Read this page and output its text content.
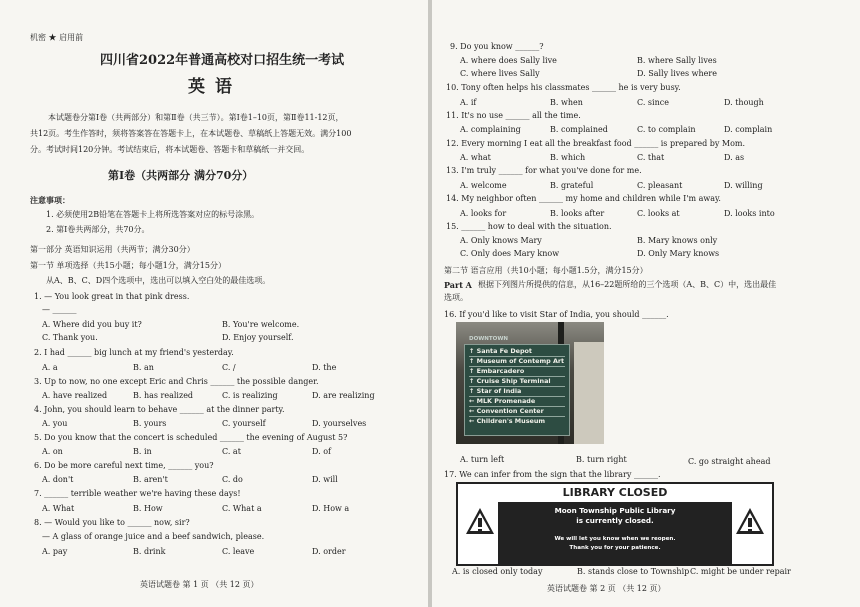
机密 ★ 启用前
四川省2022年普通高校对口招生统一考试
英语
本试题卷分第Ⅰ卷（共两部分）和第Ⅱ卷（共三节）。第Ⅰ卷1–10页，第Ⅱ卷11-12页，
共12页。考生作答时，须将答案答在答题卡上，在本试题卷、草稿纸上答题无效。满分100
分。考试时间120分钟。考试结束后，将本试题卷、答题卡和草稿纸一并交回。
第Ⅰ卷（共两部分 满分70分）
注意事项：
1. 必须使用2B铅笔在答题卡上将所选答案对应的标号涂黑。
2. 第Ⅰ卷共两部分，共70分。
第一部分 英语知识运用（共两节；满分30分）
第一节 单项选择（共15小题；每小题1分，满分15分）
从A、B、C、D四个选项中，选出可以填入空白处的最佳选项。
1. — You look great in that pink dress.
— ______
A. Where did you buy it?	B. You're welcome.
C. Thank you.	D. Enjoy yourself.
2. I had ______ big lunch at my friend's yesterday.
A. a	B. an	C. /	D. the
3. Up to now, no one except Eric and Chris ______ the possible danger.
A. have realized	B. has realized	C. is realizing	D. are realizing
4. John, you should learn to behave ______ at the dinner party.
A. you	B. yours	C. yourself	D. yourselves
5. Do you know that the concert is scheduled ______ the evening of August 5?
A. on	B. in	C. at	D. of
6. Do be more careful next time, ______ you?
A. don't	B. aren't	C. do	D. will
7. ______ terrible weather we're having these days!
A. What	B. How	C. What a	D. How a
8. — Would you like to ______ now, sir?
— A glass of orange juice and a beef sandwich, please.
A. pay	B. drink	C. leave	D. order
英语试题卷 第 1 页 （共 12 页）
9. Do you know ______?
A. where does Sally live	B. where Sally lives
C. where lives Sally	D. Sally lives where
10. Tony often helps his classmates ______ he is very busy.
A. if	B. when	C. since	D. though
11. It's no use ______ all the time.
A. complaining	B. complained	C. to complain	D. complain
12. Every morning I eat all the breakfast food ______ is prepared by Mom.
A. what	B. which	C. that	D. as
13. I'm truly ______ for what you've done for me.
A. welcome	B. grateful	C. pleasant	D. willing
14. My neighbor often ______ my home and children while I'm away.
A. looks for	B. looks after	C. looks at	D. looks into
15. ______ how to deal with the situation.
A. Only knows Mary	B. Mary knows only
C. Only does Mary know	D. Only Mary knows
第二节 语言应用（共10小题；每小题1.5分，满分15分）
Part A 根据下列图片所提供的信息，从16–22题所给的三个选项（A、B、C）中，选出最佳
选项。
16. If you'd like to visit Star of India, you should ______.
DOWNTOWN
↑ Santa Fe Depot
↑ Museum of Contemp Art
↑ Embarcadero
↑ Cruise Ship Terminal
↑ Star of India
← MLK Promenade
← Convention Center
← Children's Museum
A. turn left	B. turn right	C. go straight ahead
17. We can infer from the sign that the library ______.
LIBRARY CLOSED
Moon Township Public Library
is currently closed.
We will let you know when we reopen.
Thank you for your patience.
A. is closed only today	B. stands close to Township C. might be under repair
英语试题卷 第 2 页 （共 12 页）
